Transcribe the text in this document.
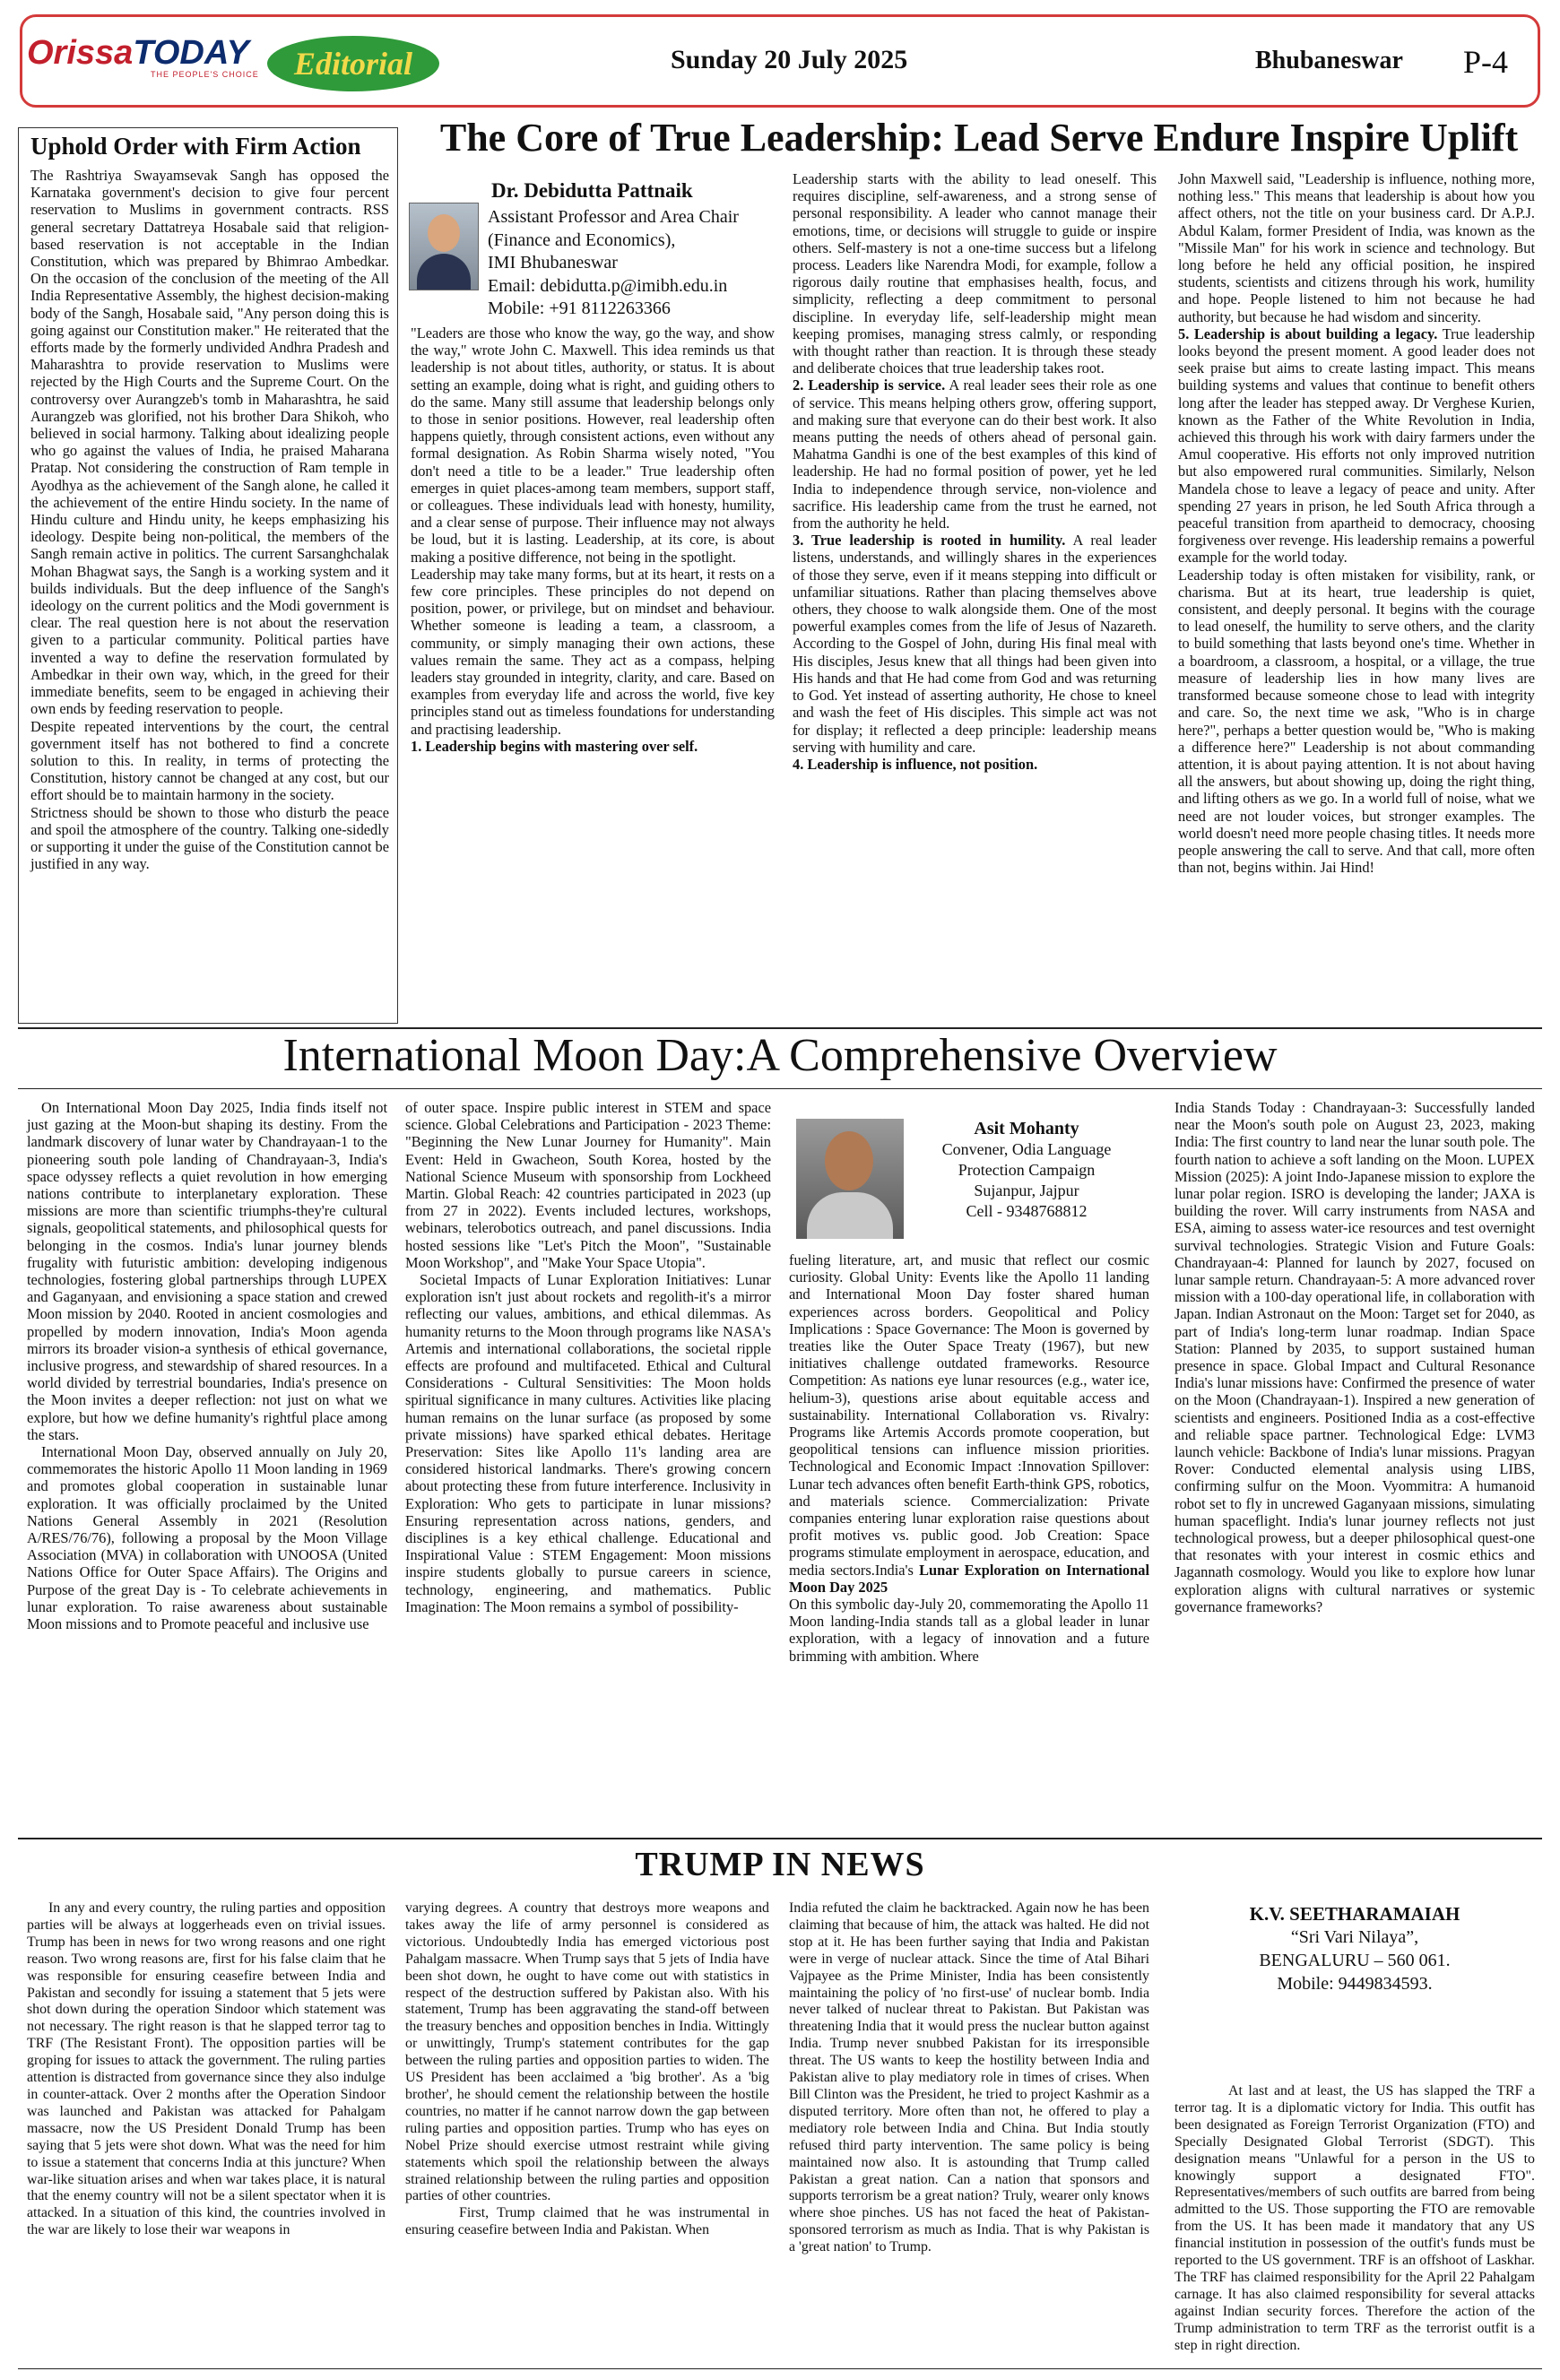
OrissaTODAY
THE PEOPLE'S CHOICE	Editorial	Sunday 20 July 2025	Bhubaneswar P-4
Uphold Order with Firm Action

The Rashtriya Swayamsevak Sangh has opposed the Karnataka government's decision to give four percent reservation to Muslims in government contracts. RSS general secretary Dattatreya Hosabale said that religion-based reservation is not acceptable in the Indian Constitution, which was prepared by Bhimrao Ambedkar. On the occasion of the conclusion of the meeting of the All India Representative Assembly, the highest decision-making body of the Sangh, Hosabale said, "Any person doing this is going against our Constitution maker." He reiterated that the efforts made by the formerly undivided Andhra Pradesh and Maharashtra to provide reservation to Muslims were rejected by the High Courts and the Supreme Court. On the controversy over Aurangzeb's tomb in Maharashtra, he said Aurangzeb was glorified, not his brother Dara Shikoh, who believed in social harmony. Talking about idealizing people who go against the values of India, he praised Maharana Pratap. Not considering the construction of Ram temple in Ayodhya as the achievement of the Sangh alone, he called it the achievement of the entire Hindu society. In the name of Hindu culture and Hindu unity, he keeps emphasizing his ideology. Despite being non-political, the members of the Sangh remain active in politics. The current Sarsanghchalak Mohan Bhagwat says, the Sangh is a working system and it builds individuals. But the deep influence of the Sangh's ideology on the current politics and the Modi government is clear. The real question here is not about the reservation given to a particular community. Political parties have invented a way to define the reservation formulated by Ambedkar in their own way, which, in the greed for their immediate benefits, seem to be engaged in achieving their own ends by feeding reservation to people.

Despite repeated interventions by the court, the central government itself has not bothered to find a concrete solution to this. In reality, in terms of protecting the Constitution, history cannot be changed at any cost, but our effort should be to maintain harmony in the society.

Strictness should be shown to those who disturb the peace and spoil the atmosphere of the country. Talking one-sidedly or supporting it under the guise of the Constitution cannot be justified in any way.

The Core of True Leadership: Lead Serve Endure Inspire Uplift
Dr. Debidutta Pattnaik
Assistant Professor and Area Chair
(Finance and Economics),
IMI Bhubaneswar
Email: debidutta.p@imibh.edu.in
Mobile: +91 8112263366

"Leaders are those who know the way, go the way, and show the way," wrote John C. Maxwell. This idea reminds us that leadership is not about titles, authority, or status. It is about setting an example, doing what is right, and guiding others to do the same. Many still assume that leadership belongs only to those in senior positions. However, real leadership often happens quietly, through consistent actions, even without any formal designation. As Robin Sharma wisely noted, "You don't need a title to be a leader." True leadership often emerges in quiet places-among team members, support staff, or colleagues. These individuals lead with honesty, humility, and a clear sense of purpose. Their influence may not always be loud, but it is lasting. Leadership, at its core, is about making a positive difference, not being in the spotlight.

Leadership may take many forms, but at its heart, it rests on a few core principles. These principles do not depend on position, power, or privilege, but on mindset and behaviour. Whether someone is leading a team, a classroom, a community, or simply managing their own actions, these values remain the same. They act as a compass, helping leaders stay grounded in integrity, clarity, and care. Based on examples from everyday life and across the world, five key principles stand out as timeless foundations for understanding and practising leadership.

1. Leadership begins with mastering over self.

Leadership starts with the ability to lead oneself. This requires discipline, self-awareness, and a strong sense of personal responsibility. A leader who cannot manage their emotions, time, or decisions will struggle to guide or inspire others. Self-mastery is not a one-time success but a lifelong process. Leaders like Narendra Modi, for example, follow a rigorous daily routine that emphasises health, focus, and simplicity, reflecting a deep commitment to personal discipline. In everyday life, self-leadership might mean keeping promises, managing stress calmly, or responding with thought rather than reaction. It is through these steady and deliberate choices that true leadership takes root.

2. Leadership is service. A real leader sees their role as one of service. This means helping others grow, offering support, and making sure that everyone can do their best work. It also means putting the needs of others ahead of personal gain. Mahatma Gandhi is one of the best examples of this kind of leadership. He had no formal position of power, yet he led India to independence through service, non-violence and sacrifice. His leadership came from the trust he earned, not from the authority he held.

3. True leadership is rooted in humility. A real leader listens, understands, and willingly shares in the experiences of those they serve, even if it means stepping into difficult or unfamiliar situations. Rather than placing themselves above others, they choose to walk alongside them. One of the most powerful examples comes from the life of Jesus of Nazareth. According to the Gospel of John, during His final meal with His disciples, Jesus knew that all things had been given into His hands and that He had come from God and was returning to God. Yet instead of asserting authority, He chose to kneel and wash the feet of His disciples. This simple act was not for display; it reflected a deep principle: leadership means serving with humility and care.

4. Leadership is influence, not position.

John Maxwell said, "Leadership is influence, nothing more, nothing less." This means that leadership is about how you affect others, not the title on your business card. Dr A.P.J. Abdul Kalam, former President of India, was known as the "Missile Man" for his work in science and technology. But long before he held any official position, he inspired students, scientists and citizens through his work, humility and hope. People listened to him not because he had authority, but because he had wisdom and sincerity.

5. Leadership is about building a legacy. True leadership looks beyond the present moment. A good leader does not seek praise but aims to create lasting impact. This means building systems and values that continue to benefit others long after the leader has stepped away. Dr Verghese Kurien, known as the Father of the White Revolution in India, achieved this through his work with dairy farmers under the Amul cooperative. His efforts not only improved nutrition but also empowered rural communities. Similarly, Nelson Mandela chose to leave a legacy of peace and unity. After spending 27 years in prison, he led South Africa through a peaceful transition from apartheid to democracy, choosing forgiveness over revenge. His leadership remains a powerful example for the world today.

Leadership today is often mistaken for visibility, rank, or charisma. But at its heart, true leadership is quiet, consistent, and deeply personal. It begins with the courage to lead oneself, the humility to serve others, and the clarity to build something that lasts beyond one's time. Whether in a boardroom, a classroom, a hospital, or a village, the true measure of leadership lies in how many lives are transformed because someone chose to lead with integrity and care. So, the next time we ask, "Who is in charge here?", perhaps a better question would be, "Who is making a difference here?" Leadership is not about commanding attention, it is about paying attention. It is not about having all the answers, but about showing up, doing the right thing, and lifting others as we go. In a world full of noise, what we need are not louder voices, but stronger examples. The world doesn't need more people chasing titles. It needs more people answering the call to serve. And that call, more often than not, begins within. Jai Hind!

International Moon Day:A Comprehensive Overview

On International Moon Day 2025, India finds itself not just gazing at the Moon-but shaping its destiny. From the landmark discovery of lunar water by Chandrayaan-1 to the pioneering south pole landing of Chandrayaan-3, India's space odyssey reflects a quiet revolution in how emerging nations contribute to interplanetary exploration. These missions are more than scientific triumphs-they're cultural signals, geopolitical statements, and philosophical quests for belonging in the cosmos. India's lunar journey blends frugality with futuristic ambition: developing indigenous technologies, fostering global partnerships through LUPEX and Gaganyaan, and envisioning a space station and crewed Moon mission by 2040. Rooted in ancient cosmologies and propelled by modern innovation, India's Moon agenda mirrors its broader vision-a synthesis of ethical governance, inclusive progress, and stewardship of shared resources. In a world divided by terrestrial boundaries, India's presence on the Moon invites a deeper reflection: not just on what we explore, but how we define humanity's rightful place among the stars.

International Moon Day, observed annually on July 20, commemorates the historic Apollo 11 Moon landing in 1969 and promotes global cooperation in sustainable lunar exploration. It was officially proclaimed by the United Nations General Assembly in 2021 (Resolution A/RES/76/76), following a proposal by the Moon Village Association (MVA) in collaboration with UNOOSA (United Nations Office for Outer Space Affairs). The Origins and Purpose of the great Day is - To celebrate achievements in lunar exploration. To raise awareness about sustainable Moon missions and to Promote peaceful and inclusive use

of outer space. Inspire public interest in STEM and space science. Global Celebrations and Participation - 2023 Theme: "Beginning the New Lunar Journey for Humanity". Main Event: Held in Gwacheon, South Korea, hosted by the National Science Museum with sponsorship from Lockheed Martin. Global Reach: 42 countries participated in 2023 (up from 27 in 2022). Events included lectures, workshops, webinars, telerobotics outreach, and panel discussions. India hosted sessions like "Let's Pitch the Moon", "Sustainable Moon Workshop", and "Make Your Space Utopia".

Societal Impacts of Lunar Exploration Initiatives: Lunar exploration isn't just about rockets and regolith-it's a mirror reflecting our values, ambitions, and ethical dilemmas. As humanity returns to the Moon through programs like NASA's Artemis and international collaborations, the societal ripple effects are profound and multifaceted. Ethical and Cultural Considerations - Cultural Sensitivities: The Moon holds spiritual significance in many cultures. Activities like placing human remains on the lunar surface (as proposed by some private missions) have sparked ethical debates. Heritage Preservation: Sites like Apollo 11's landing area are considered historical landmarks. There's growing concern about protecting these from future interference. Inclusivity in Exploration: Who gets to participate in lunar missions? Ensuring representation across nations, genders, and disciplines is a key ethical challenge. Educational and Inspirational Value : STEM Engagement: Moon missions inspire students globally to pursue careers in science, technology, engineering, and mathematics. Public Imagination: The Moon remains a symbol of possibility-

Asit Mohanty
Convener, Odia Language
Protection Campaign
Sujanpur, Jajpur
Cell - 9348768812

fueling literature, art, and music that reflect our cosmic curiosity. Global Unity: Events like the Apollo 11 landing and International Moon Day foster shared human experiences across borders. Geopolitical and Policy Implications : Space Governance: The Moon is governed by treaties like the Outer Space Treaty (1967), but new initiatives challenge outdated frameworks. Resource Competition: As nations eye lunar resources (e.g., water ice, helium-3), questions arise about equitable access and sustainability. International Collaboration vs. Rivalry: Programs like Artemis Accords promote cooperation, but geopolitical tensions can influence mission priorities. Technological and Economic Impact :Innovation Spillover: Lunar tech advances often benefit Earth-think GPS, robotics, and materials science. Commercialization: Private companies entering lunar exploration raise questions about profit motives vs. public good. Job Creation: Space programs stimulate employment in aerospace, education, and media sectors.India's Lunar Exploration on International Moon Day 2025

On this symbolic day-July 20, commemorating the Apollo 11 Moon landing-India stands tall as a global leader in lunar exploration, with a legacy of innovation and a future brimming with ambition. Where

India Stands Today : Chandrayaan-3: Successfully landed near the Moon's south pole on August 23, 2023, making India: The first country to land near the lunar south pole. The fourth nation to achieve a soft landing on the Moon. LUPEX Mission (2025): A joint Indo-Japanese mission to explore the lunar polar region. ISRO is developing the lander; JAXA is building the rover. Will carry instruments from NASA and ESA, aiming to assess water-ice resources and test overnight survival technologies. Strategic Vision and Future Goals: Chandrayaan-4: Planned for launch by 2027, focused on lunar sample return. Chandrayaan-5: A more advanced rover mission with a 100-day operational life, in collaboration with Japan. Indian Astronaut on the Moon: Target set for 2040, as part of India's long-term lunar roadmap. Indian Space Station: Planned by 2035, to support sustained human presence in space. Global Impact and Cultural Resonance India's lunar missions have: Confirmed the presence of water on the Moon (Chandrayaan-1). Inspired a new generation of scientists and engineers. Positioned India as a cost-effective and reliable space partner. Technological Edge: LVM3 launch vehicle: Backbone of India's lunar missions. Pragyan Rover: Conducted elemental analysis using LIBS, confirming sulfur on the Moon. Vyommitra: A humanoid robot set to fly in uncrewed Gaganyaan missions, simulating human spaceflight. India's lunar journey reflects not just technological prowess, but a deeper philosophical quest-one that resonates with your interest in cosmic ethics and Jagannath cosmology. Would you like to explore how lunar exploration aligns with cultural narratives or systemic governance frameworks?

TRUMP IN NEWS

In any and every country, the ruling parties and opposition parties will be always at loggerheads even on trivial issues. Trump has been in news for two wrong reasons and one right reason. Two wrong reasons are, first for his false claim that he was responsible for ensuring ceasefire between India and Pakistan and secondly for issuing a statement that 5 jets were shot down during the operation Sindoor which statement was not necessary. The right reason is that he slapped terror tag to TRF (The Resistant Front). The opposition parties will be groping for issues to attack the government. The ruling parties attention is distracted from governance since they also indulge in counter-attack. Over 2 months after the Operation Sindoor was launched and Pakistan was attacked for Pahalgam massacre, now the US President Donald Trump has been saying that 5 jets were shot down. What was the need for him to issue a statement that concerns India at this juncture? When war-like situation arises and when war takes place, it is natural that the enemy country will not be a silent spectator when it is attacked. In a situation of this kind, the countries involved in the war are likely to lose their war weapons in

varying degrees. A country that destroys more weapons and takes away the life of army personnel is considered as victorious. Undoubtedly India has emerged victorious post Pahalgam massacre. When Trump says that 5 jets of India have been shot down, he ought to have come out with statistics in respect of the destruction suffered by Pakistan also. With his statement, Trump has been aggravating the stand-off between the treasury benches and opposition benches in India. Wittingly or unwittingly, Trump's statement contributes for the gap between the ruling parties and opposition parties to widen. The US President has been acclaimed a 'big brother'. As a 'big brother', he should cement the relationship between the hostile countries, no matter if he cannot narrow down the gap between ruling parties and opposition parties. Trump who has eyes on Nobel Prize should exercise utmost restraint while giving statements which spoil the relationship between the always strained relationship between the ruling parties and opposition parties of other countries.

First, Trump claimed that he was instrumental in ensuring ceasefire between India and Pakistan. When

India refuted the claim he backtracked. Again now he has been claiming that because of him, the attack was halted. He did not stop at it. He has been further saying that India and Pakistan were in verge of nuclear attack. Since the time of Atal Bihari Vajpayee as the Prime Minister, India has been consistently maintaining the policy of 'no first-use' of nuclear bomb. India never talked of nuclear threat to Pakistan. But Pakistan was threatening India that it would press the nuclear button against India. Trump never snubbed Pakistan for its irresponsible threat. The US wants to keep the hostility between India and Pakistan alive to play mediatory role in times of crises. When Bill Clinton was the President, he tried to project Kashmir as a disputed territory. More often than not, he offered to play a mediatory role between India and China. But India stoutly refused third party intervention. The same policy is being maintained now also. It is astounding that Trump called Pakistan a great nation. Can a nation that sponsors and supports terrorism be a great nation? Truly, wearer only knows where shoe pinches. US has not faced the heat of Pakistan-sponsored terrorism as much as India. That is why Pakistan is a 'great nation' to Trump.

K.V. SEETHARAMAIAH
“Sri Vari Nilaya”,
BENGALURU – 560 061.
Mobile: 9449834593.

At last and at least, the US has slapped the TRF a terror tag. It is a diplomatic victory for India. This outfit has been designated as Foreign Terrorist Organization (FTO) and Specially Designated Global Terrorist (SDGT). This designation means "Unlawful for a person in the US to knowingly support a designated FTO". Representatives/members of such outfits are barred from being admitted to the US. Those supporting the FTO are removable from the US. It has been made it mandatory that any US financial institution in possession of the outfit's funds must be reported to the US government. TRF is an offshoot of Laskhar. The TRF has claimed responsibility for the April 22 Pahalgam carnage. It has also claimed responsibility for several attacks against Indian security forces. Therefore the action of the Trump administration to term TRF as the terrorist outfit is a step in right direction.
